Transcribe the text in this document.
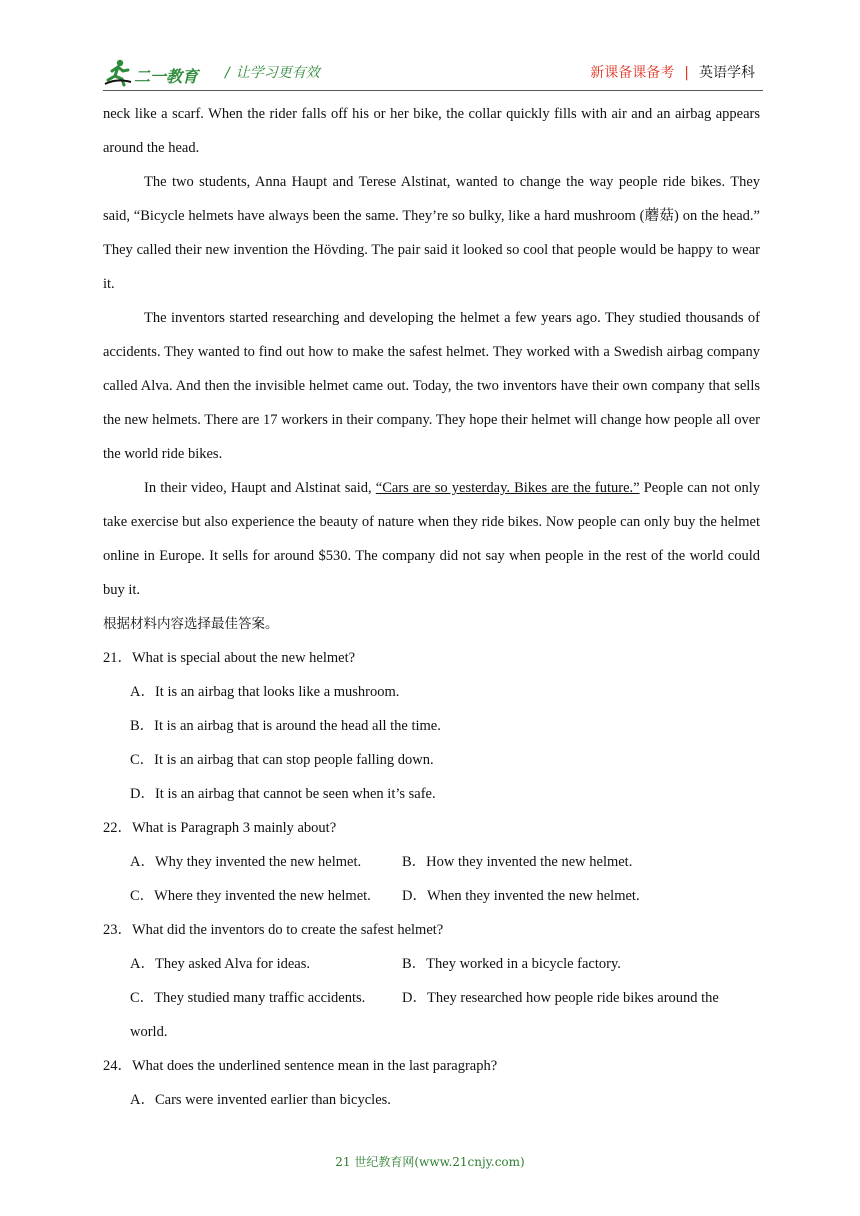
二一教育 / 让学习更有效	新课备课备考 | 英语学科

neck like a scarf. When the rider falls off his or her bike, the collar quickly fills with air and an airbag appears around the head.

The two students, Anna Haupt and Terese Alstinat, wanted to change the way people ride bikes. They said, “Bicycle helmets have always been the same. They’re so bulky, like a hard mushroom (蘑菇) on the head.” They called their new invention the Hövding. The pair said it looked so cool that people would be happy to wear it.

The inventors started researching and developing the helmet a few years ago. They studied thousands of accidents. They wanted to find out how to make the safest helmet. They worked with a Swedish airbag company called Alva. And then the invisible helmet came out. Today, the two inventors have their own company that sells the new helmets. There are 17 workers in their company. They hope their helmet will change how people all over the world ride bikes.

In their video, Haupt and Alstinat said, “Cars are so yesterday. Bikes are the future.” People can not only take exercise but also experience the beauty of nature when they ride bikes. Now people can only buy the helmet online in Europe. It sells for around $530. The company did not say when people in the rest of the world could buy it.

根据材料内容选择最佳答案。

21．What is special about the new helmet?

A．It is an airbag that looks like a mushroom.

B．It is an airbag that is around the head all the time.

C．It is an airbag that can stop people falling down.

D．It is an airbag that cannot be seen when it’s safe.

22．What is Paragraph 3 mainly about?

A．Why they invented the new helmet.	B．How they invented the new helmet.
C．Where they invented the new helmet.	D．When they invented the new helmet.

23．What did the inventors do to create the safest helmet?

A．They asked Alva for ideas.	B．They worked in a bicycle factory.
C．They studied many traffic accidents.	D．They researched how people ride bikes around the
world.

24．What does the underlined sentence mean in the last paragraph?

A．Cars were invented earlier than bicycles.

21 世纪教育网(www.21cnjy.com)
